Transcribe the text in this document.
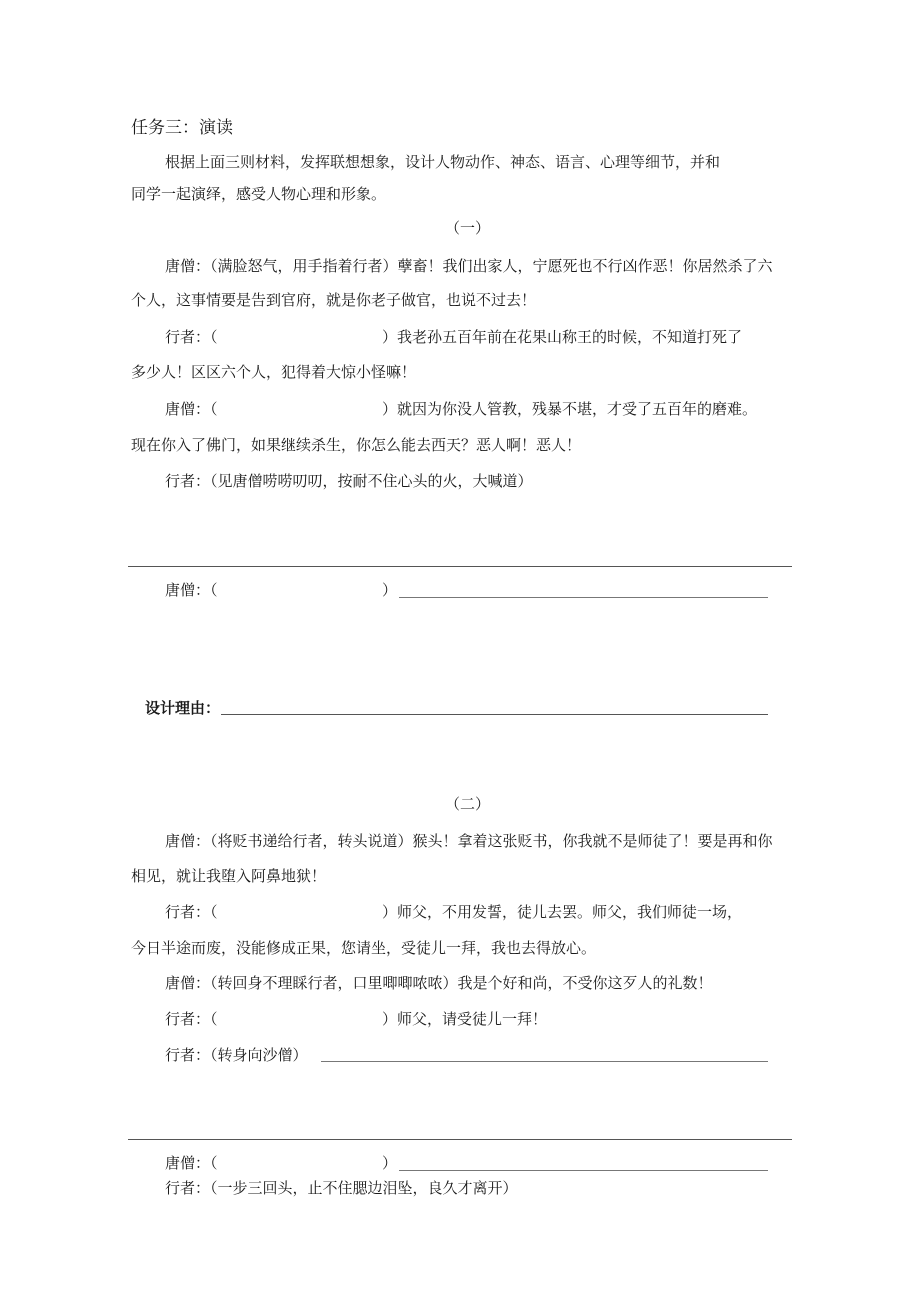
任务三：演读
根据上面三则材料，发挥联想想象，设计人物动作、神态、语言、心理等细节，并和
同学一起演绎，感受人物心理和形象。
（一）
唐僧：（满脸怒气，用手指着行者）孽畜！我们出家人，宁愿死也不行凶作恶！你居然杀了六
个人，这事情要是告到官府，就是你老子做官，也说不过去！
行者：（	）我老孙五百年前在花果山称王的时候，不知道打死了
多少人！区区六个人，犯得着大惊小怪嘛！
唐僧：（	）就因为你没人管教，残暴不堪，才受了五百年的磨难。
现在你入了佛门，如果继续杀生，你怎么能去西天？恶人啊！恶人！
行者：（见唐僧唠唠叨叨，按耐不住心头的火，大喊道）
唐僧：（	）
设计理由：
（二）
唐僧：（将贬书递给行者，转头说道）猴头！拿着这张贬书，你我就不是师徒了！要是再和你
相见，就让我堕入阿鼻地狱！
行者：（	）师父，不用发誓，徒儿去罢。师父，我们师徒一场，
今日半途而废，没能修成正果，您请坐，受徒儿一拜，我也去得放心。
唐僧：（转回身不理睬行者，口里唧唧哝哝）我是个好和尚，不受你这歹人的礼数！
行者：（	）师父，请受徒儿一拜！
行者：（转身向沙僧）
唐僧：（	）
行者：（一步三回头，止不住腮边泪坠，良久才离开）
